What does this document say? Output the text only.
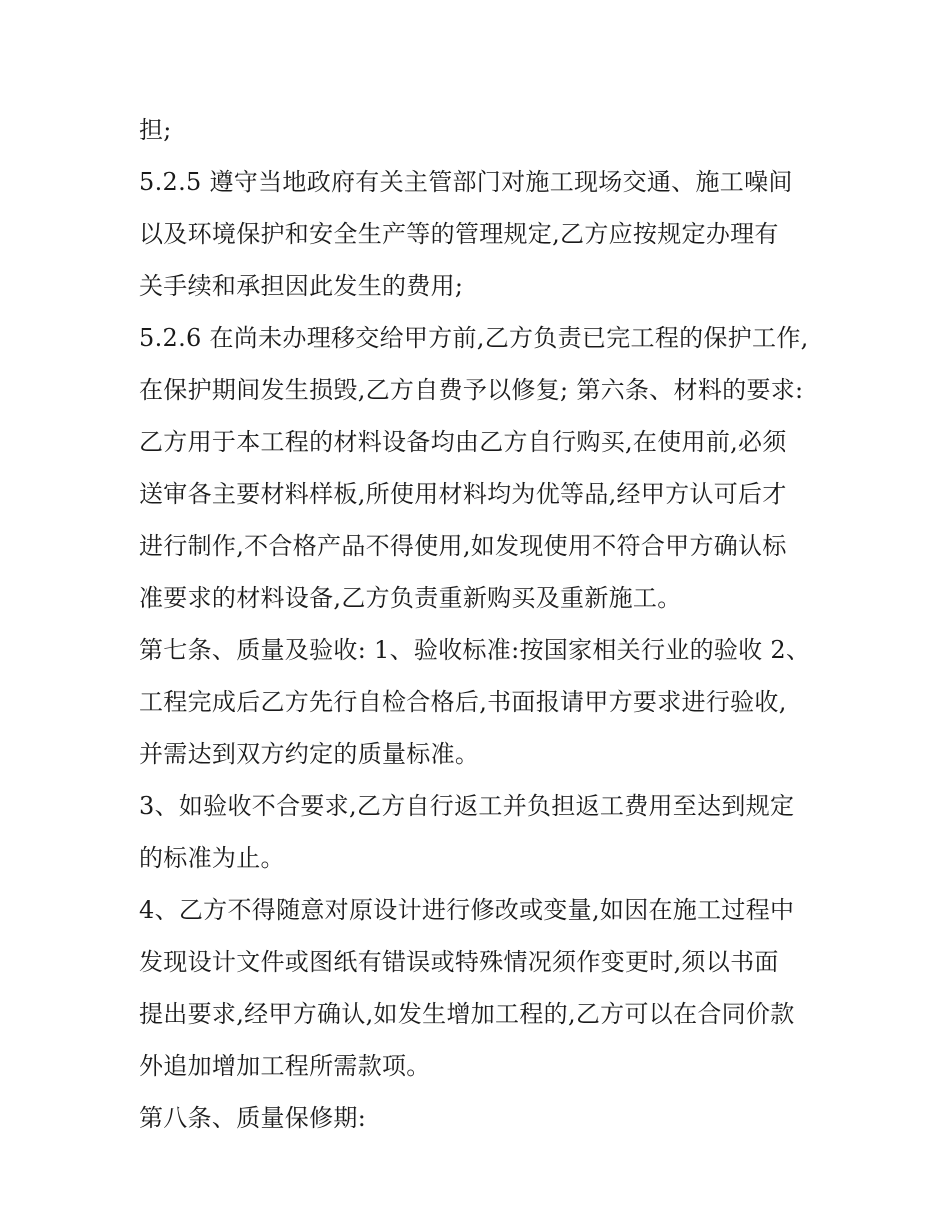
担;
5.2.5 遵守当地政府有关主管部门对施工现场交通、施工噪间
以及环境保护和安全生产等的管理规定,乙方应按规定办理有
关手续和承担因此发生的费用;
5.2.6 在尚未办理移交给甲方前,乙方负责已完工程的保护工作,
在保护期间发生损毁,乙方自费予以修复; 第六条、材料的要求:
乙方用于本工程的材料设备均由乙方自行购买,在使用前,必须
送审各主要材料样板,所使用材料均为优等品,经甲方认可后才
进行制作,不合格产品不得使用,如发现使用不符合甲方确认标
准要求的材料设备,乙方负责重新购买及重新施工。
第七条、质量及验收: 1、验收标准:按国家相关行业的验收 2、
工程完成后乙方先行自检合格后,书面报请甲方要求进行验收,
并需达到双方约定的质量标准。
3、如验收不合要求,乙方自行返工并负担返工费用至达到规定
的标准为止。
4、乙方不得随意对原设计进行修改或变量,如因在施工过程中
发现设计文件或图纸有错误或特殊情况须作变更时,须以书面
提出要求,经甲方确认,如发生增加工程的,乙方可以在合同价款
外追加增加工程所需款项。
第八条、质量保修期:
